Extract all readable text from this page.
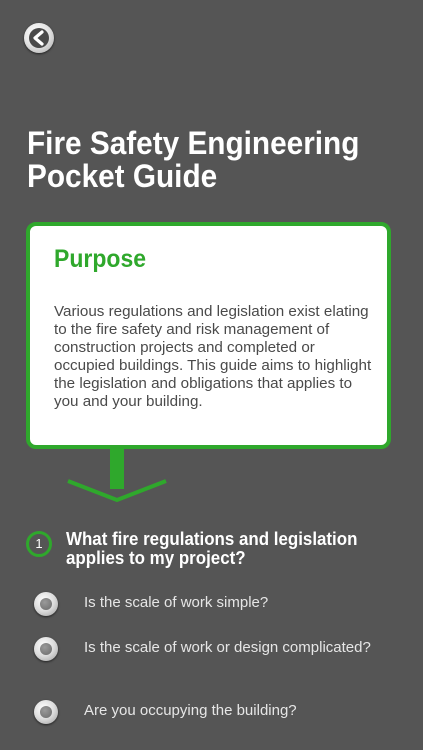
Fire Safety Engineering Pocket Guide
Purpose

Various regulations and legislation exist elating to the fire safety and risk management of construction projects and completed or occupied buildings. This guide aims to highlight the legislation and obligations that applies to you and your building.

1	What fire regulations and legislation applies to my project?

Is the scale of work simple?

Is the scale of work or design complicated?

Are you occupying the building?
